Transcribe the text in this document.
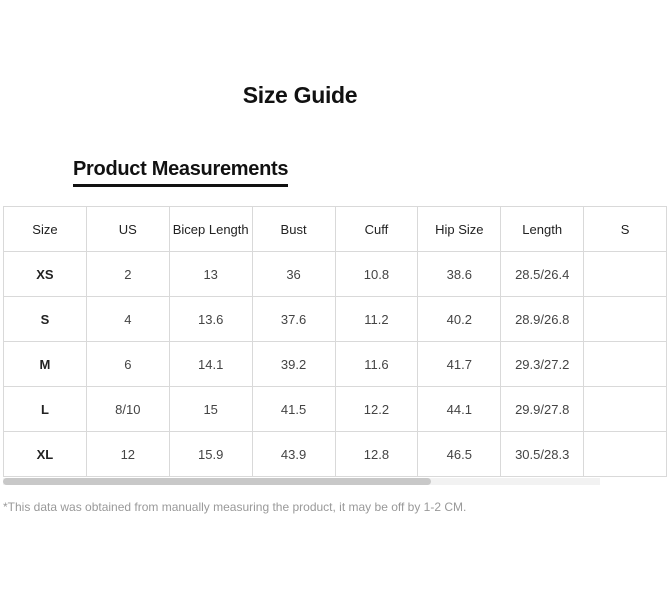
Size Guide
Product Measurements
Size	US	Bicep Length	Bust	Cuff	Hip Size	Length	S
XS	2	13	36	10.8	38.6	28.5/26.4	
S	4	13.6	37.6	11.2	40.2	28.9/26.8	
M	6	14.1	39.2	11.6	41.7	29.3/27.2	
L	8/10	15	41.5	12.2	44.1	29.9/27.8	
XL	12	15.9	43.9	12.8	46.5	30.5/28.3	
*This data was obtained from manually measuring the product, it may be off by 1-2 CM.
